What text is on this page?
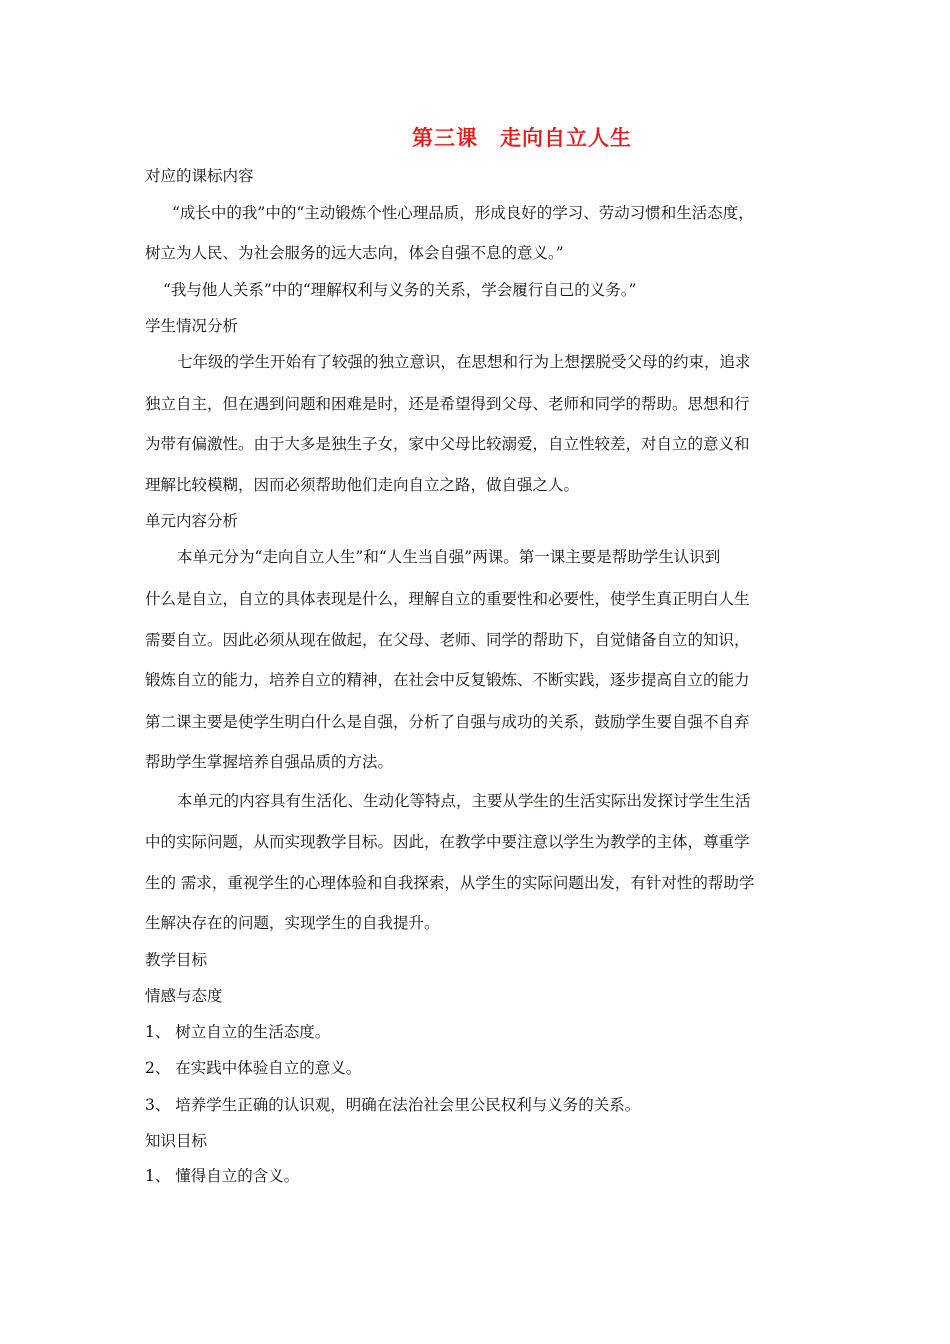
第三课　走向自立人生
对应的课标内容
“成长中的我”中的“主动锻炼个性心理品质，形成良好的学习、劳动习惯和生活态度，
树立为人民、为社会服务的远大志向，体会自强不息的意义。”
“我与他人关系”中的“理解权利与义务的关系，学会履行自己的义务。”
学生情况分析
七年级的学生开始有了较强的独立意识，在思想和行为上想摆脱受父母的约束，追求
独立自主，但在遇到问题和困难是时，还是希望得到父母、老师和同学的帮助。思想和行
为带有偏激性。由于大多是独生子女，家中父母比较溺爱，自立性较差，对自立的意义和
理解比较模糊，因而必须帮助他们走向自立之路，做自强之人。
单元内容分析
本单元分为“走向自立人生”和“人生当自强”两课。第一课主要是帮助学生认识到
什么是自立，自立的具体表现是什么，理解自立的重要性和必要性，使学生真正明白人生
需要自立。因此必须从现在做起，在父母、老师、同学的帮助下，自觉储备自立的知识，
锻炼自立的能力，培养自立的精神，在社会中反复锻炼、不断实践，逐步提高自立的能力
第二课主要是使学生明白什么是自强，分析了自强与成功的关系，鼓励学生要自强不自弃
帮助学生掌握培养自强品质的方法。
本单元的内容具有生活化、生动化等特点，主要从学生的生活实际出发探讨学生生活
中的实际问题，从而实现教学目标。因此，在教学中要注意以学生为教学的主体，尊重学
生的 需求，重视学生的心理体验和自我探索，从学生的实际问题出发，有针对性的帮助学
生解决存在的问题，实现学生的自我提升。
教学目标
情感与态度
1、 树立自立的生活态度。
2、 在实践中体验自立的意义。
3、 培养学生正确的认识观，明确在法治社会里公民权利与义务的关系。
知识目标
1、 懂得自立的含义。
